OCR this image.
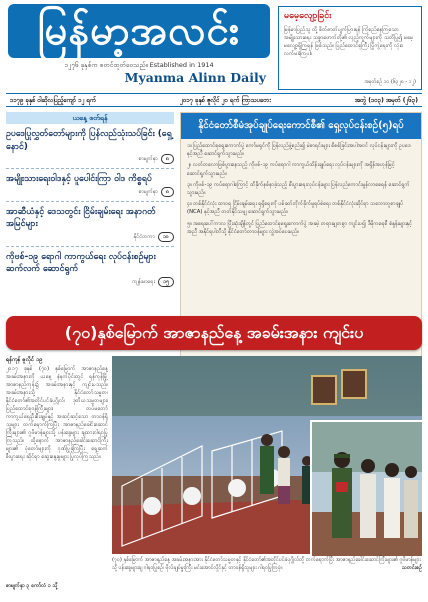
မြန်မာ့အလင်း
၁၂၇၆ ခုနှစ်က စတင်ထုတ်ဝေသည်။ Established in 1914
Myanma Alinn Daily
မမေ့လျော့ခြင်း
မြန်မာပြည်သူ တို့ စိတ်ဓာတ်ပျက်ပြားရန် ကြံစည်နေကြသော အမျိုးသားရေး သစ္စာဖောက်တို့၏ လှည့်ကွက်များကို သတိပြု၍ မမေ့မလျော့ရှိကြရန် ဖြစ်သည်။ ပြည်ထောင်စုကြီး ပြိုကွဲရေးကို လုံးဝ လက်မခံကြပါ။
အမှတ်စဉ် ၁၀ (၆၃၂၈ - ၁၂)
၁၁၇၉ ခုနှစ် ဝါဆိုလပြည့်ကျော် ၁၂ ရက်	၂၀၁၇ ခုနှစ် ဇူလိုင် ၂၀ ရက် ကြာသပတေး	အတွဲ (၁၀၃) အမှတ် (၂၆၃)
ယနေ့ ဖတ်ရန်
ဥပဒေပြုလွှတ်တော်များကို ပြန်လည်သုံးသပ်ခြင်း (ရှေ့နောင်)
စာမျက်နှာ	၈
အမျိုးသားရေးဝါဒနှင့် ပူပေါင်းကြာ ဝါဒ ကိစ္စရပ်
စာမျက်နှာ	၈
အာဆီယံနှင့် ဒေသတွင်း ငြိမ်းချမ်းရေး အနာဂတ် အမြင်များ
နိုင်ငံတကာ	၁၀
ကိုဗစ်-၁၉ ရောဂါ ကာကွယ်ရေး လုပ်ငန်းစဉ်များ ဆက်လက် ဆောင်ရွက်
ကျန်းမာရေး	၁၅
နိုင်ငံတော်စီမံအုပ်ချုပ်ရေးကောင်စီ၏ ရှေ့လုပ်ငန်းစဉ်(၅)ရပ်
၁။ ပြည်ထောင်စုရွေးကောက်ပွဲ ကော်မရှင်ကို ပြန်လည်ဖွဲ့စည်း၍ မဲစာရင်းများ စိစစ်ခြင်းအပါအဝင် လုပ်ငန်းများကို ဥပဒေနှင့်အညီ ဆောင်ရွက်သွားမည်။
၂။ လတ်တလောဖြစ်ပွားနေသည့် ကိုဗစ်-၁၉ ကပ်ရောဂါ ကာကွယ်ထိန်းချုပ်ရေး လုပ်ငန်းများကို အရှိန်အဟုန်မြင့် ဆောင်ရွက်သွားမည်။
၃။ ကိုဗစ်-၁၉ ကပ်ရောဂါကြောင့် ထိခိုက်နစ်နာခဲ့သည့် စီးပွားရေးလုပ်ငန်းများ ပြန်လည်ကောင်းမွန်လာစေရန် ဆောင်ရွက်သွားမည်။
၄။ တစ်နိုင်ငံလုံး ထာဝရ ငြိမ်းချမ်းရေး ရရှိရေးကို ပစ်ခတ်တိုက်ခိုက်မှုရပ်စဲရေး တစ်နိုင်ငံလုံးဆိုင်ရာ သဘောတူစာချုပ် (NCA) နှင့်အညီ တတ်နိုင်သမျှ ဆောင်ရွက်သွားမည်။
၅။ အရေးပေါ်ကာလ ပြီးဆုံးချိန်တွင် ပြည်ထောင်စုရွေးကောက်ပွဲ အခမဲ့ တရားမျှတစွာ ကျင်းပ၍ ဒီမိုကရေစီ စံနှုန်းများနှင့်အညီ အနိုင်ရပါတီသို့ နိုင်ငံတော်တာဝန်များ လွှဲအပ်ပေးမည်။
(၇၀)နှစ်မြောက် အာဇာနည်နေ့ အခမ်းအနား ကျင်းပ
ရန်ကုန် ဇူလိုင် ၁၉
၂၀၁၇ ခုနှစ် (၇၀) နှစ်မြောက် အာဇာနည်နေ့ အခမ်းအနားကို ယနေ့ နံနက်ပိုင်းတွင် ရန်ကုန်မြို့ အာဇာနည်ကုန်း၌ အခမ်းအနားနှင့် ကျင်းပသည်။ အခမ်းအနားသို့ နိုင်ငံတော်သမ္မတ၊ နိုင်ငံတော်၏အတိုင်ပင်ခံပုဂ္ဂိုလ်၊ ဒုတိယသမ္မတများ၊ ပြည်ထောင်စုဝန်ကြီးများ၊ တပ်မတော်ကာကွယ်ရေးဦးစီးချုပ်နှင့် အဆင့်ဆင့်သော တာဝန်ရှိသူများ တက်ရောက်ကြပြီး အာဇာနည်ခေါင်းဆောင်ကြီးများ၏ ဂူဗိမာန်များသို့ ပန်းခွေများ ချထားဂါရဝပြုကြသည်။ ထို့နောက် အာဇာနည်ခေါင်းဆောင်ကြီးများ၏ ပုံတော်များကို ဂုဏ်ပြုခဲ့ကြပြီး ရှေ့ဆက် စီးပွားရေး ဆိုင်ရာ ဆွေးနွေးမှုများ ပြုလုပ်ကြသည်။
စာမျက်နှာ ၃ ကော်လံ ၁ သို့
(၇၀) နှစ်မြောက် အာဇာနည်နေ့ အခမ်းအနားအား နိုင်ငံတော်သမ္မတနှင့် နိုင်ငံတော်၏အတိုင်ပင်ခံပုဂ္ဂိုလ်တို့ တက်ရောက်ပြီး အာဇာနည်ခေါင်းဆောင်ကြီးများ၏ ဂူဗိမာန်များသို့ ပန်းခွေများချ ဂါရဝပြုစဉ်၊ ဗိုလ်ချုပ်မှူးကြီး မင်းအောင်လှိုင်နှင့် တာဝန်ရှိသူများ ဂါရဝပြုကြပုံ။	သတင်းစဉ်
